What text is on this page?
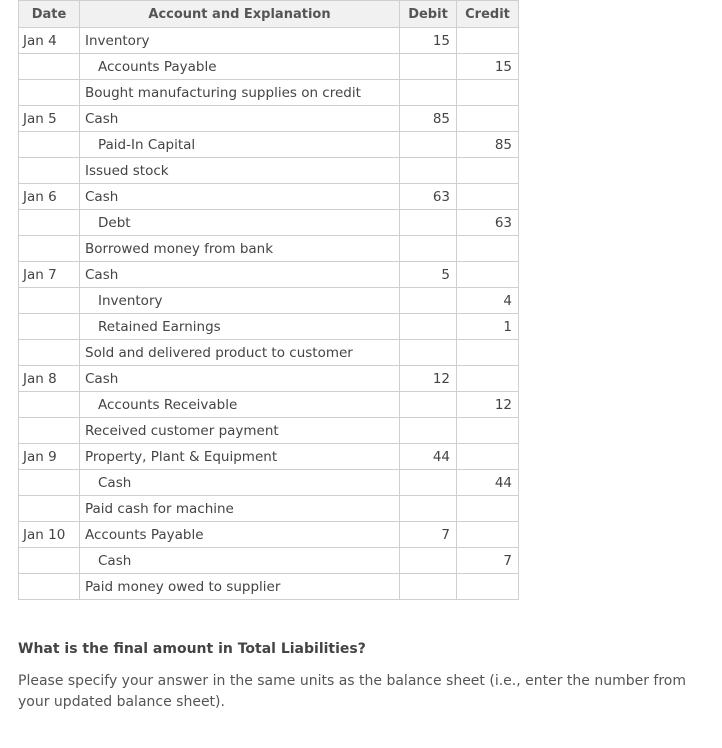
Date	Account and Explanation	Debit	Credit
Jan 4	Inventory	15	
	Accounts Payable		15
	Bought manufacturing supplies on credit		
Jan 5	Cash	85	
	Paid-In Capital		85
	Issued stock		
Jan 6	Cash	63	
	Debt		63
	Borrowed money from bank		
Jan 7	Cash	5	
	Inventory		4
	Retained Earnings		1
	Sold and delivered product to customer		
Jan 8	Cash	12	
	Accounts Receivable		12
	Received customer payment		
Jan 9	Property, Plant & Equipment	44	
	Cash		44
	Paid cash for machine		
Jan 10	Accounts Payable	7	
	Cash		7
	Paid money owed to supplier		

What is the final amount in Total Liabilities?

Please specify your answer in the same units as the balance sheet (i.e., enter the number from your updated balance sheet).
